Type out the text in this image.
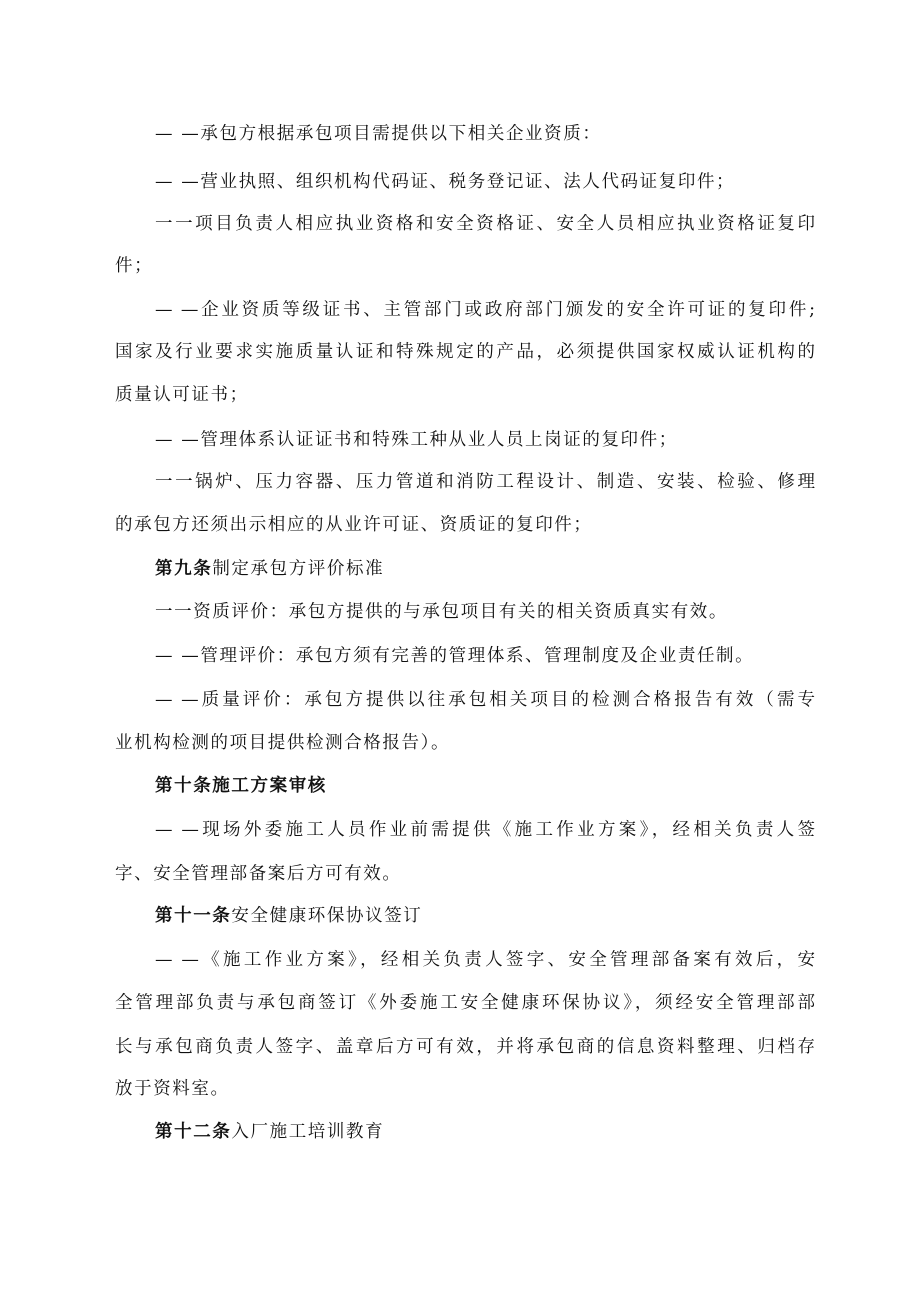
— —承包方根据承包项目需提供以下相关企业资质：
— —营业执照、组织机构代码证、税务登记证、法人代码证复印件；
一一项目负责人相应执业资格和安全资格证、安全人员相应执业资格证复印
件；
— —企业资质等级证书、主管部门或政府部门颁发的安全许可证的复印件;
国家及行业要求实施质量认证和特殊规定的产品，必须提供国家权威认证机构的
质量认可证书；
— —管理体系认证证书和特殊工种从业人员上岗证的复印件；
一一锅炉、压力容器、压力管道和消防工程设计、制造、安装、检验、修理
的承包方还须出示相应的从业许可证、资质证的复印件；
第九条制定承包方评价标准
一一资质评价：承包方提供的与承包项目有关的相关资质真实有效。
— —管理评价：承包方须有完善的管理体系、管理制度及企业责任制。
— —质量评价：承包方提供以往承包相关项目的检测合格报告有效（需专
业机构检测的项目提供检测合格报告）。
第十条施工方案审核
— —现场外委施工人员作业前需提供《施工作业方案》，经相关负责人签
字、安全管理部备案后方可有效。
第十一条安全健康环保协议签订
— —《施工作业方案》，经相关负责人签字、安全管理部备案有效后，安
全管理部负责与承包商签订《外委施工安全健康环保协议》，须经安全管理部部
长与承包商负责人签字、盖章后方可有效，并将承包商的信息资料整理、归档存
放于资料室。
第十二条入厂施工培训教育
